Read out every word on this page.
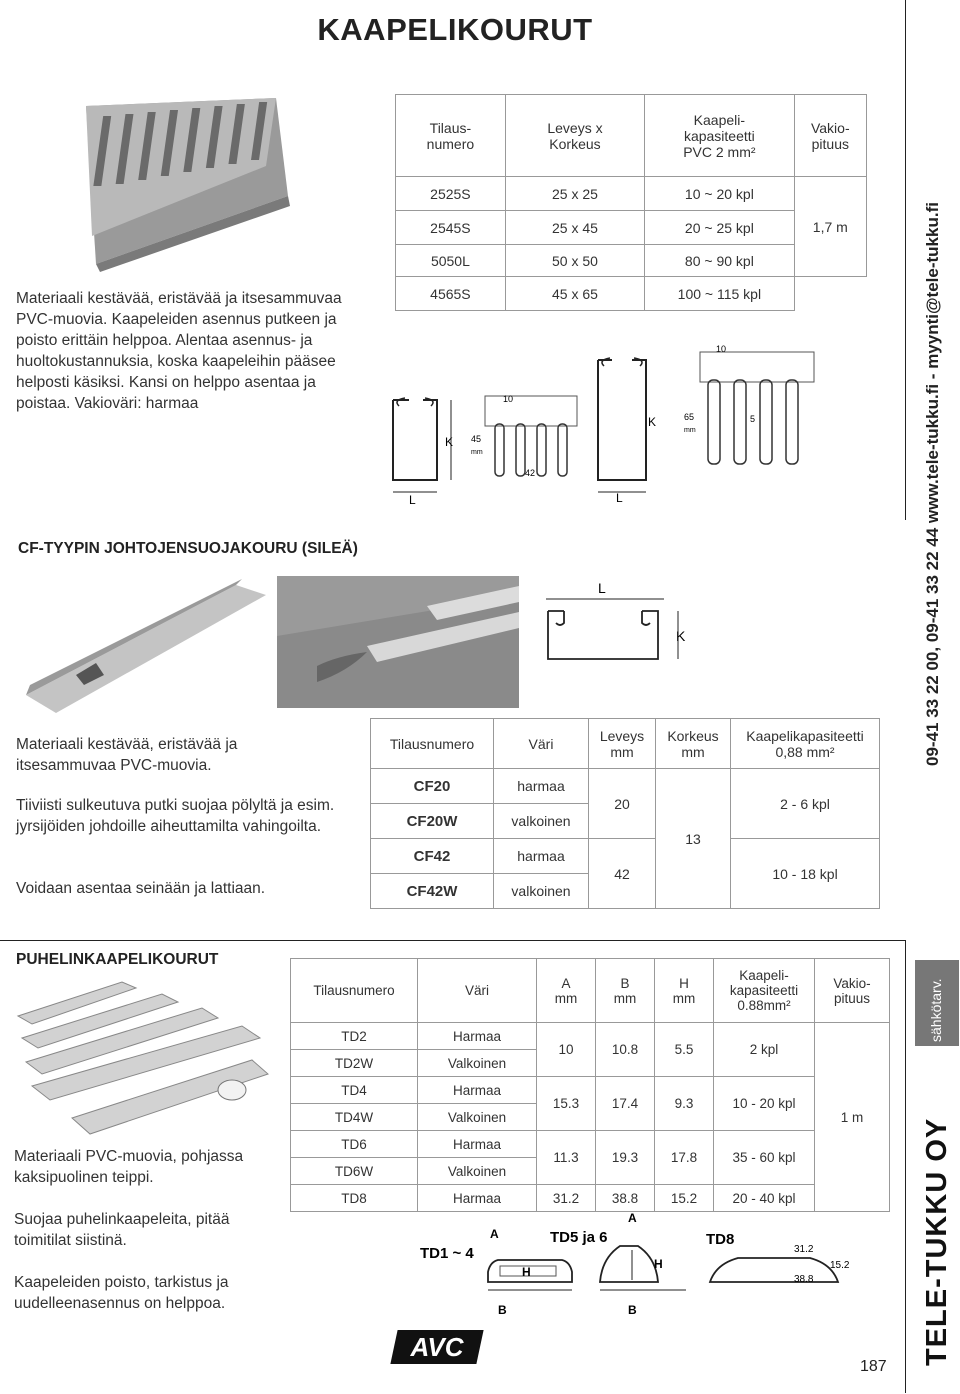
KAAPELIKOURUT
Materiaali kestävää, eristävää ja itsesammuvaa PVC-muovia. Kaapeleiden asennus putkeen ja poisto erittäin helppoa. Alentaa asennus- ja huoltokustannuksia, koska kaapeleihin pääsee helposti käsiksi. Kansi on helppo asentaa ja poistaa. Vakioväri: harmaa
Tilaus-
numero	Leveys x
Korkeus	Kaapeli-
kapasiteetti
PVC 2 mm²	Vakio-
pituus
2525S	25 x 25	10 ~ 20 kpl	1,7 m
2545S	25 x 45	20 ~ 25 kpl	
5050L	50 x 50	80 ~ 90 kpl	
4565S	45 x 65	100 ~ 115 kpl	
L
K 45
mm
10
42
L
K
10
65
mm
5
CF-TYYPIN JOHTOJENSUOJAKOURU (SILEÄ)
L
K
Materiaali kestävää, eristävää ja itsesammuvaa PVC-muovia.
Tiiviisti sulkeutuva putki suojaa pölyltä ja esim. jyrsijöiden johdoille aiheuttamilta vahingoilta.
Voidaan asentaa seinään ja lattiaan.
Tilausnumero	Väri	Leveys
mm	Korkeus
mm	Kaapelikapasiteetti
0,88 mm²
CF20	harmaa	20	13	2 - 6 kpl
CF20W	valkoinen			
CF42	harmaa	42		10 - 18 kpl
CF42W	valkoinen			
PUHELINKAAPELIKOURUT
Materiaali PVC-muovia, pohjassa kaksipuolinen teippi.
Suojaa puhelinkaapeleita, pitää toimitilat siistinä.
Kaapeleiden poisto, tarkistus ja uudelleenasennus on helppoa.
Tilausnumero	Väri	A
mm	B
mm	H
mm	Kaapeli-
kapasiteetti
0.88mm²	Vakio-
pituus
TD2	Harmaa	10	10.8	5.5	2 kpl	1 m
TD2W	Valkoinen					
TD4	Harmaa	15.3	17.4	9.3	10 - 20 kpl	
TD4W	Valkoinen					
TD6	Harmaa	11.3	19.3	17.8	35 - 60 kpl	
TD6W	Valkoinen					
TD8	Harmaa	31.2	38.8	15.2	20 - 40 kpl	
TD1 ~ 4
A
H
B
TD5 ja 6
A
H
B
TD8
31.2
15.2
38.8
AVC
187
09-41 33 22 00, 09-41 33 22 44 www.tele-tukku.fi - myynti@tele-tukku.fi
sähkötarv.
TELE-TUKKU OY
